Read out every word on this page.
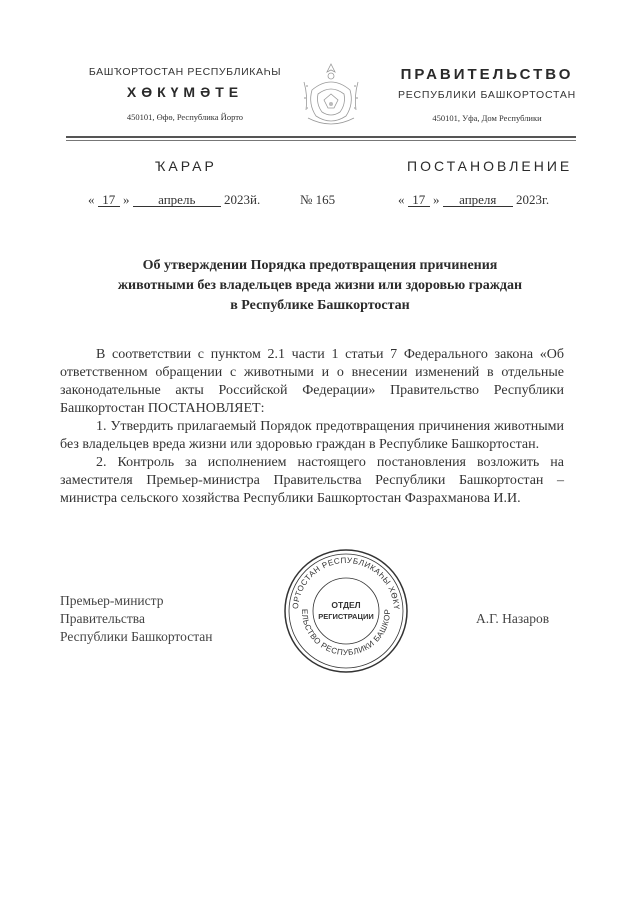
БАШҠОРТОСТАН РЕСПУБЛИКАҺЫ
ХӨКҮМӘТЕ
450101, Өфө, Республика Йорто
ПРАВИТЕЛЬСТВО
РЕСПУБЛИКИ БАШКОРТОСТАН
450101, Уфа, Дом Республики
ҠАРАР	ПОСТАНОВЛЕНИЕ
« 17 » апрель 2023й.	№ 165	« 17 » апреля 2023г.
Об утверждении Порядка предотвращения причинения
животными без владельцев вреда жизни или здоровью граждан
в Республике Башкортостан

В соответствии с пунктом 2.1 части 1 статьи 7 Федерального закона «Об ответственном обращении с животными и о внесении изменений в отдельные законодательные акты Российской Федерации» Правительство Республики Башкортостан ПОСТАНОВЛЯЕТ:

1. Утвердить прилагаемый Порядок предотвращения причинения животными без владельцев вреда жизни или здоровью граждан в Республике Башкортостан.

2. Контроль за исполнением настоящего постановления возложить на заместителя Премьер-министра Правительства Республики Башкортостан – министра сельского хозяйства Республики Башкортостан Фазрахманова И.И.

Премьер-министр
Правительства
Республики Башкортостан
А.Г. Назаров
ОРТОСТАН РЕСПУБЛИКАҺЫ ХӨКҮ
ЕЛЬСТВО РЕСПУБЛИКИ БАШКОР
ОТДЕЛ
РЕГИСТРАЦИИ
